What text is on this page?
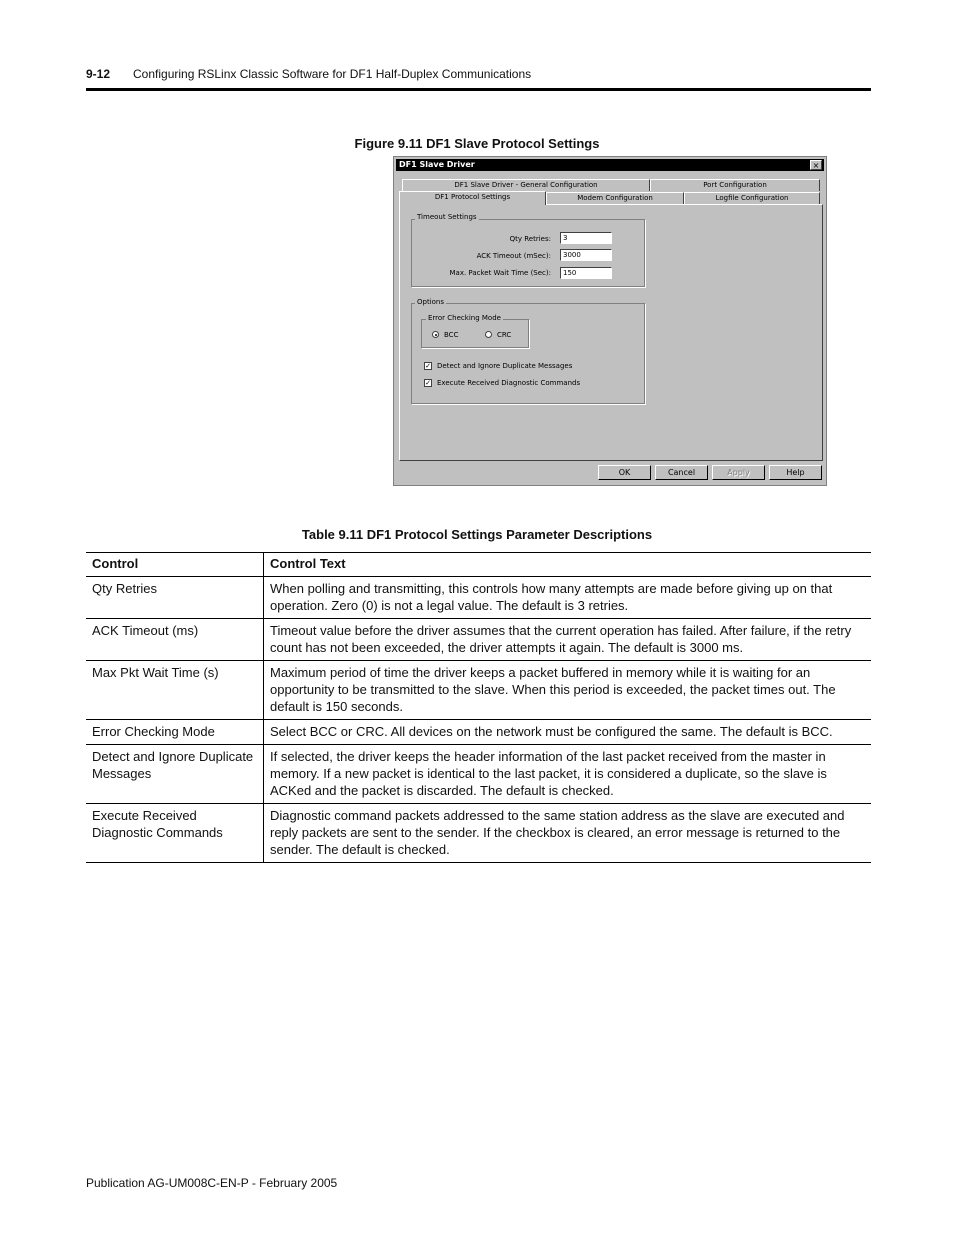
9-12 Configuring RSLinx Classic Software for DF1 Half-Duplex Communications
Figure 9.11 DF1 Slave Protocol Settings
DF1 Slave Driver	×
DF1 Slave Driver - General Configuration	Port Configuration
DF1 Protocol Settings	Modem Configuration	Logfile Configuration
Timeout Settings
Qty Retries:	3
ACK Timeout (mSec):	3000
Max. Packet Wait Time (Sec):	150
Options
Error Checking Mode
BCC	CRC
✓ Detect and Ignore Duplicate Messages
✓ Execute Received Diagnostic Commands
OK	Cancel	Apply	Help
Table 9.11 DF1 Protocol Settings Parameter Descriptions
Control	Control Text
Qty Retries	When polling and transmitting, this controls how many attempts are made before giving up on that operation. Zero (0) is not a legal value. The default is 3 retries.
ACK Timeout (ms)	Timeout value before the driver assumes that the current operation has failed. After failure, if the retry count has not been exceeded, the driver attempts it again. The default is 3000 ms.
Max Pkt Wait Time (s)	Maximum period of time the driver keeps a packet buffered in memory while it is waiting for an opportunity to be transmitted to the slave. When this period is exceeded, the packet times out. The default is 150 seconds.
Error Checking Mode	Select BCC or CRC. All devices on the network must be configured the same. The default is BCC.
Detect and Ignore Duplicate Messages	If selected, the driver keeps the header information of the last packet received from the master in memory. If a new packet is identical to the last packet, it is considered a duplicate, so the slave is ACKed and the packet is discarded. The default is checked.
Execute Received Diagnostic Commands	Diagnostic command packets addressed to the same station address as the slave are executed and reply packets are sent to the sender. If the checkbox is cleared, an error message is returned to the sender. The default is checked.
Publication AG-UM008C-EN-P - February 2005
